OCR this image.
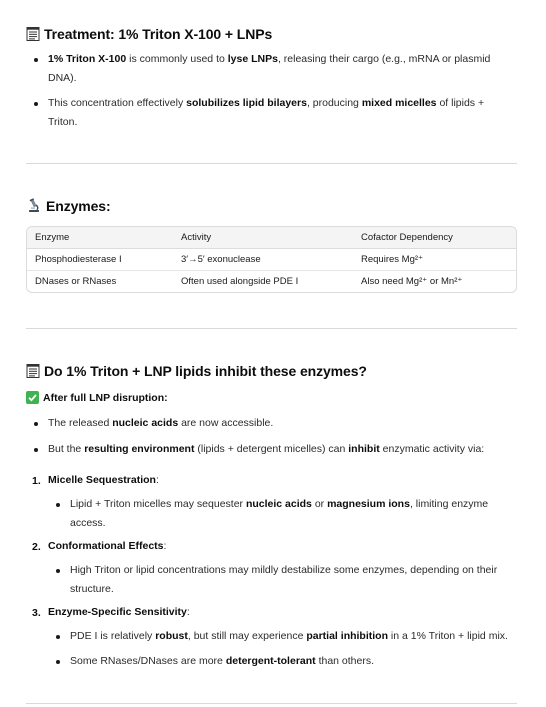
Treatment: 1% Triton X-100 + LNPs
1% Triton X-100 is commonly used to lyse LNPs, releasing their cargo (e.g., mRNA or plasmid DNA).
This concentration effectively solubilizes lipid bilayers, producing mixed micelles of lipids + Triton.
Enzymes:
Enzyme	Activity	Cofactor Dependency
Phosphodiesterase I	3′→5′ exonuclease	Requires Mg²⁺
DNases or RNases	Often used alongside PDE I	Also need Mg²⁺ or Mn²⁺
Do 1% Triton + LNP lipids inhibit these enzymes?
After full LNP disruption:
The released nucleic acids are now accessible.
But the resulting environment (lipids + detergent micelles) can inhibit enzymatic activity via:
1. Micelle Sequestration:
Lipid + Triton micelles may sequester nucleic acids or magnesium ions, limiting enzyme access.
2. Conformational Effects:
High Triton or lipid concentrations may mildly destabilize some enzymes, depending on their structure.
3. Enzyme-Specific Sensitivity:
PDE I is relatively robust, but still may experience partial inhibition in a 1% Triton + lipid mix.
Some RNases/DNases are more detergent-tolerant than others.
